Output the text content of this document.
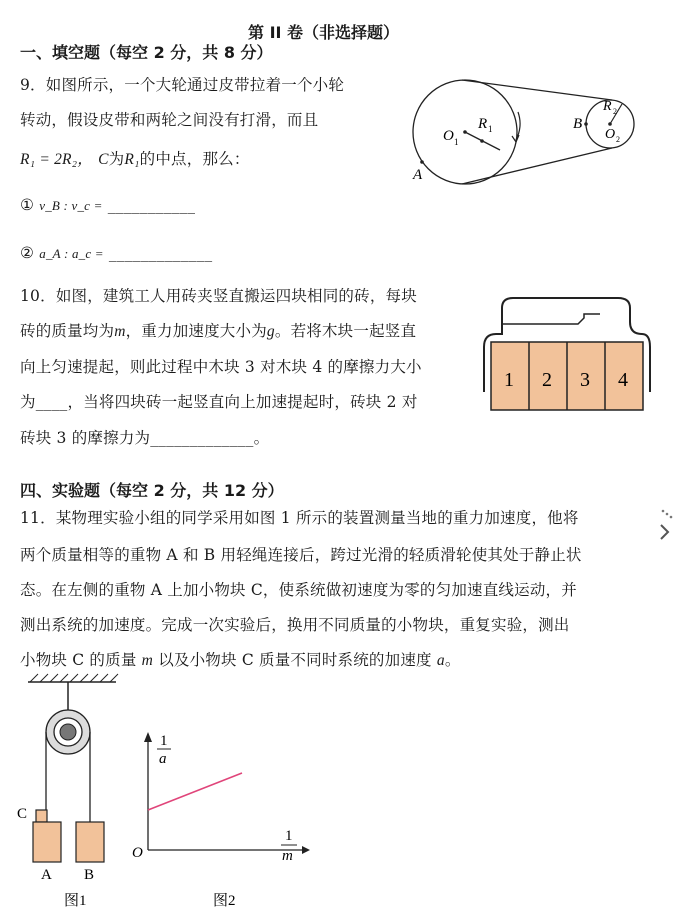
第 II 卷（非选择题）
一、填空题（每空 2 分，共 8 分）
9．如图所示，一个大轮通过皮带拉着一个小轮
转动，假设皮带和两轮之间没有打滑，而且
R₁ = 2R₂， C为R₁的中点，那么：
① v_B : v_c = ___________
② a_A : a_c = _____________
O 1
R 1
A
B
R 2
O 2
10．如图，建筑工人用砖夹竖直搬运四块相同的砖，每块
砖的质量均为m，重力加速度大小为g。若将木块一起竖直
向上匀速提起，则此过程中木块 3 对木块 4 的摩擦力大小
为____，当将四块砖一起竖直向上加速提起时，砖块 2 对
砖块 3 的摩擦力为_____________。
1 2 3 4
四、实验题（每空 2 分，共 12 分）
11．某物理实验小组的同学采用如图 1 所示的装置测量当地的重力加速度，他将
两个质量相等的重物 A 和 B 用轻绳连接后，跨过光滑的轻质滑轮使其处于静止状
态。在左侧的重物 A 上加小物块 C，使系统做初速度为零的匀加速直线运动，并
测出系统的加速度。完成一次实验后，换用不同质量的小物块，重复实验，测出
小物块 C 的质量 m 以及小物块 C 质量不同时系统的加速度 a。
C
A B
图1
1
a
1
m
O
图2
